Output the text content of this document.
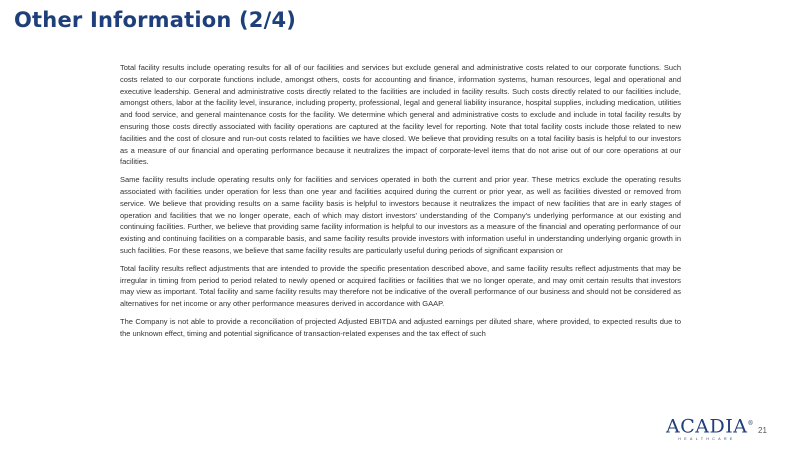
Other Information (2/4)

Total facility results include operating results for all of our facilities and services but exclude general and administrative costs related to our corporate functions. Such costs related to our corporate functions include, amongst others, costs for accounting and finance, information systems, human resources, legal and operational and executive leadership. General and administrative costs directly related to the facilities are included in facility results. Such costs directly related to our facilities include, amongst others, labor at the facility level, insurance, including property, professional, legal and general liability insurance, hospital supplies, including medication, utilities and food service, and general maintenance costs for the facility. We determine which general and administrative costs to exclude and include in total facility results by ensuring those costs directly associated with facility operations are captured at the facility level for reporting. Note that total facility costs include those related to new facilities and the cost of closure and run-out costs related to facilities we have closed. We believe that providing results on a total facility basis is helpful to our investors as a measure of our financial and operating performance because it neutralizes the impact of corporate-level items that do not arise out of our core operations at our facilities.

Same facility results include operating results only for facilities and services operated in both the current and prior year. These metrics exclude the operating results associated with facilities under operation for less than one year and facilities acquired during the current or prior year, as well as facilities divested or removed from service. We believe that providing results on a same facility basis is helpful to investors because it neutralizes the impact of new facilities that are in early stages of operation and facilities that we no longer operate, each of which may distort investors' understanding of the Company's underlying performance at our existing and continuing facilities. Further, we believe that providing same facility information is helpful to our investors as a measure of the financial and operating performance of our existing and continuing facilities on a comparable basis, and same facility results provide investors with information useful in understanding underlying organic growth in such facilities. For these reasons, we believe that same facility results are particularly useful during periods of significant expansion or

Total facility results reflect adjustments that are intended to provide the specific presentation described above, and same facility results reflect adjustments that may be irregular in timing from period to period related to newly opened or acquired facilities or facilities that we no longer operate, and may omit certain results that investors may view as important. Total facility and same facility results may therefore not be indicative of the overall performance of our business and should not be considered as alternatives for net income or any other performance measures derived in accordance with GAAP.

The Company is not able to provide a reconciliation of projected Adjusted EBITDA and adjusted earnings per diluted share, where provided, to expected results due to the unknown effect, timing and potential significance of transaction-related expenses and the tax effect of such

ACADIA®
HEALTHCARE
21
